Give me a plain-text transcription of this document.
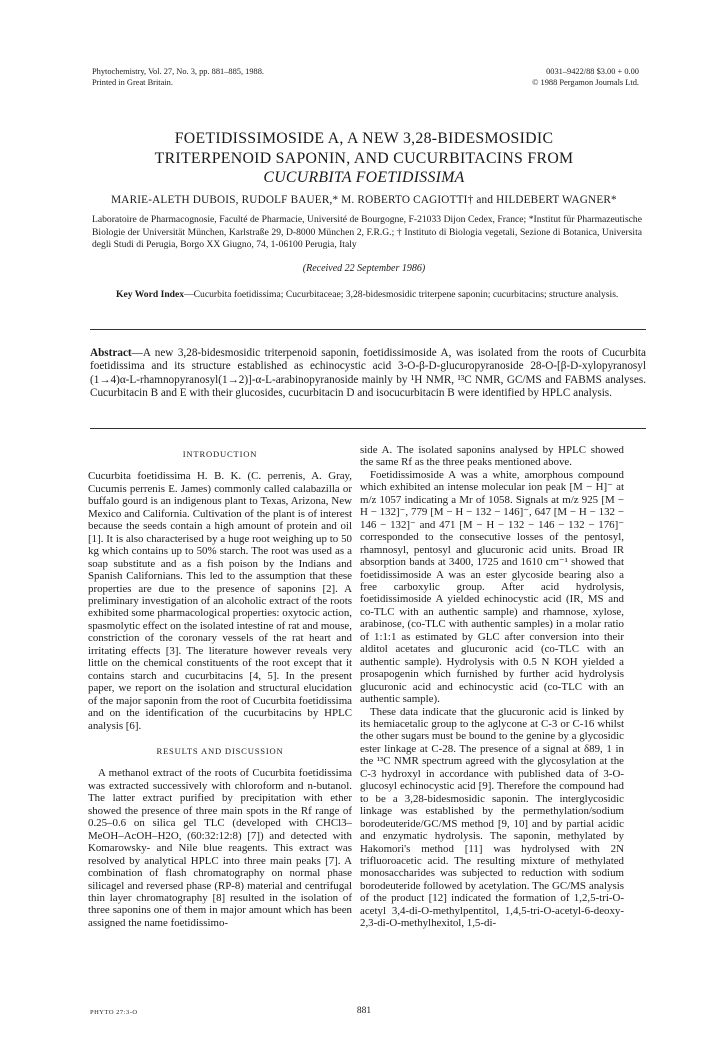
Phytochemistry, Vol. 27, No. 3, pp. 881–885, 1988.
Printed in Great Britain.
0031–9422/88 $3.00 + 0.00
© 1988 Pergamon Journals Ltd.
FOETIDISSIMOSIDE A, A NEW 3,28-BIDESMOSIDIC
TRITERPENOID SAPONIN, AND CUCURBITACINS FROM
CUCURBITA FOETIDISSIMA
MARIE-ALETH DUBOIS, RUDOLF BAUER,* M. ROBERTO CAGIOTTI† and HILDEBERT WAGNER*
Laboratoire de Pharmacognosie, Faculté de Pharmacie, Université de Bourgogne, F-21033 Dijon Cedex, France; *Institut für Pharmazeutische Biologie der Universität München, Karlstraße 29, D-8000 München 2, F.R.G.; † Instituto di Biologia vegetali, Sezione di Botanica, Universita degli Studi di Perugia, Borgo XX Giugno, 74, 1-06100 Perugia, Italy
(Received 22 September 1986)
Key Word Index—Cucurbita foetidissima; Cucurbitaceae; 3,28-bidesmosidic triterpene saponin; cucurbitacins; structure analysis.
Abstract—A new 3,28-bidesmosidic triterpenoid saponin, foetidissimoside A, was isolated from the roots of Cucurbita foetidissima and its structure established as echinocystic acid 3-O-β-D-glucuropyranoside 28-O-[β-D-xylopyranosyl (1→4)α-L-rhamnopyranosyl(1→2)]-α-L-arabinopyranoside mainly by ¹H NMR, ¹³C NMR, GC/MS and FABMS analyses. Cucurbitacin B and E with their glucosides, cucurbitacin D and isocucurbitacin B were identified by HPLC analysis.
INTRODUCTION

Cucurbita foetidissima H. B. K. (C. perrenis, A. Gray, Cucumis perrenis E. James) commonly called calabazilla or buffalo gourd is an indigenous plant to Texas, Arizona, New Mexico and California. Cultivation of the plant is of interest because the seeds contain a high amount of protein and oil [1]. It is also characterised by a huge root weighing up to 50 kg which contains up to 50% starch. The root was used as a soap substitute and as a fish poison by the Indians and Spanish Californians. This led to the assumption that these properties are due to the presence of saponins [2]. A preliminary investigation of an alcoholic extract of the roots exhibited some pharmacological properties: oxytocic action, spasmolytic effect on the isolated intestine of rat and mouse, constriction of the coronary vessels of the rat heart and irritating effects [3]. The literature however reveals very little on the chemical constituents of the root except that it contains starch and cucurbitacins [4, 5]. In the present paper, we report on the isolation and structural elucidation of the major saponin from the root of Cucurbita foetidissima and on the identification of the cucurbitacins by HPLC analysis [6].

RESULTS AND DISCUSSION

A methanol extract of the roots of Cucurbita foetidissima was extracted successively with chloroform and n-butanol. The latter extract purified by precipitation with ether showed the presence of three main spots in the Rf range of 0.25–0.6 on silica gel TLC (developed with CHCl3–MeOH–AcOH–H2O, (60:32:12:8) [7]) and detected with Komarowsky- and Nile blue reagents. This extract was resolved by analytical HPLC into three main peaks [7]. A combination of flash chromatography on normal phase silicagel and reversed phase (RP-8) material and centrifugal thin layer chromatography [8] resulted in the isolation of three saponins one of them in major amount which has been assigned the name foetidissimo-

side A. The isolated saponins analysed by HPLC showed the same Rf as the three peaks mentioned above.

Foetidissimoside A was a white, amorphous compound which exhibited an intense molecular ion peak [M − H]⁻ at m/z 1057 indicating a Mr of 1058. Signals at m/z 925 [M − H − 132]⁻, 779 [M − H − 132 − 146]⁻, 647 [M − H − 132 − 146 − 132]⁻ and 471 [M − H − 132 − 146 − 132 − 176]⁻ corresponded to the consecutive losses of the pentosyl, rhamnosyl, pentosyl and glucuronic acid units. Broad IR absorption bands at 3400, 1725 and 1610 cm⁻¹ showed that foetidissimoside A was an ester glycoside bearing also a free carboxylic group. After acid hydrolysis, foetidissimoside A yielded echinocystic acid (IR, MS and co-TLC with an authentic sample) and rhamnose, xylose, arabinose, (co-TLC with authentic samples) in a molar ratio of 1:1:1 as estimated by GLC after conversion into their alditol acetates and glucuronic acid (co-TLC with an authentic sample). Hydrolysis with 0.5 N KOH yielded a prosapogenin which furnished by further acid hydrolysis glucuronic acid and echinocystic acid (co-TLC with an authentic sample).

These data indicate that the glucuronic acid is linked by its hemiacetalic group to the aglycone at C-3 or C-16 whilst the other sugars must be bound to the genine by a glycosidic ester linkage at C-28. The presence of a signal at δ89, 1 in the ¹³C NMR spectrum agreed with the glycosylation at the C-3 hydroxyl in accordance with published data of 3-O-glucosyl echinocystic acid [9]. Therefore the compound had to be a 3,28-bidesmosidic saponin. The interglycosidic linkage was established by the permethylation/sodium borodeuteride/GC/MS method [9, 10] and by partial acidic and enzymatic hydrolysis. The saponin, methylated by Hakomori's method [11] was hydrolysed with 2N trifluoroacetic acid. The resulting mixture of methylated monosaccharides was subjected to reduction with sodium borodeuteride followed by acetylation. The GC/MS analysis of the product [12] indicated the formation of 1,2,5-tri-O-acetyl 3,4-di-O-methylpentitol, 1,4,5-tri-O-acetyl-6-deoxy-2,3-di-O-methylhexitol, 1,5-di-

PHYTO 27:3-O	881
